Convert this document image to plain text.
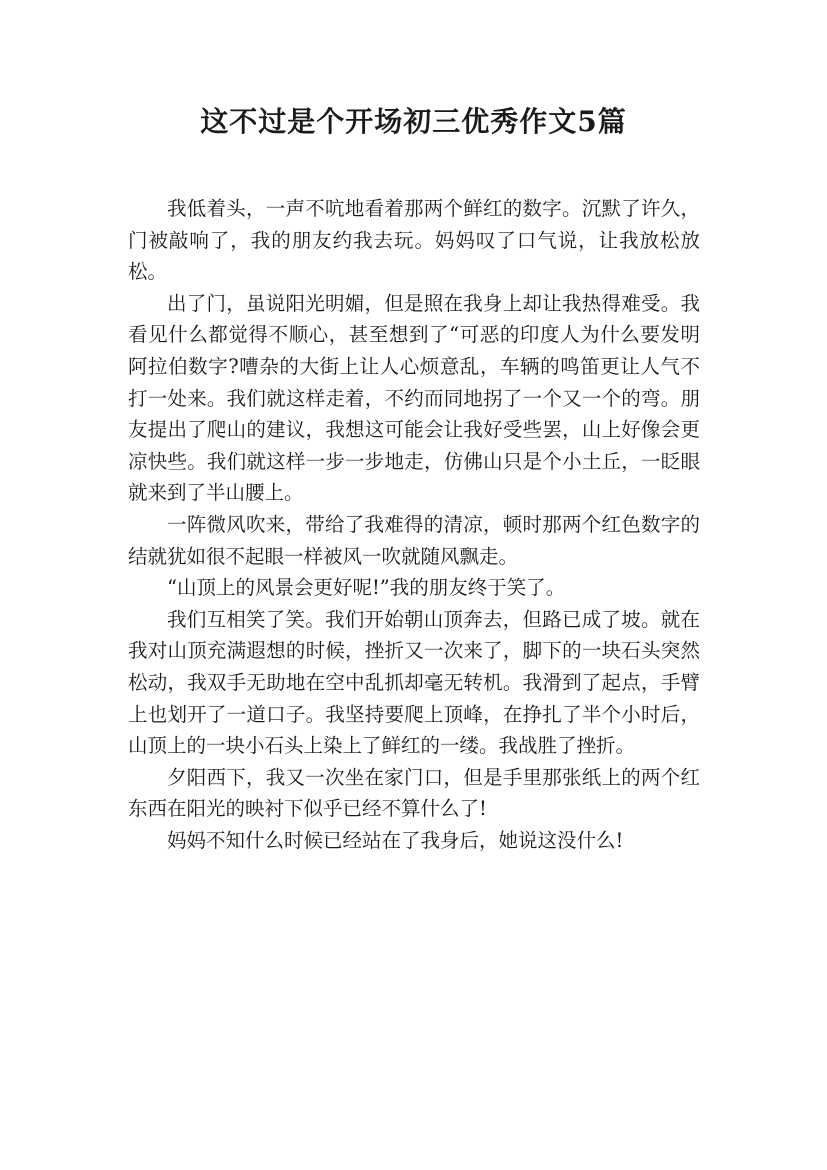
这不过是个开场初三优秀作文5篇

我低着头，一声不吭地看着那两个鲜红的数字。沉默了许久，门被敲响了，我的朋友约我去玩。妈妈叹了口气说，让我放松放松。

出了门，虽说阳光明媚，但是照在我身上却让我热得难受。我看见什么都觉得不顺心，甚至想到了“可恶的印度人为什么要发明阿拉伯数字?嘈杂的大街上让人心烦意乱，车辆的鸣笛更让人气不打一处来。我们就这样走着，不约而同地拐了一个又一个的弯。朋友提出了爬山的建议，我想这可能会让我好受些罢，山上好像会更凉快些。我们就这样一步一步地走，仿佛山只是个小土丘，一眨眼就来到了半山腰上。

一阵微风吹来，带给了我难得的清凉，顿时那两个红色数字的结就犹如很不起眼一样被风一吹就随风飘走。

“山顶上的风景会更好呢!”我的朋友终于笑了。

我们互相笑了笑。我们开始朝山顶奔去，但路已成了坡。就在我对山顶充满遐想的时候，挫折又一次来了，脚下的一块石头突然松动，我双手无助地在空中乱抓却毫无转机。我滑到了起点，手臂上也划开了一道口子。我坚持要爬上顶峰，在挣扎了半个小时后，山顶上的一块小石头上染上了鲜红的一缕。我战胜了挫折。

夕阳西下，我又一次坐在家门口，但是手里那张纸上的两个红东西在阳光的映衬下似乎已经不算什么了!

妈妈不知什么时候已经站在了我身后，她说这没什么!
